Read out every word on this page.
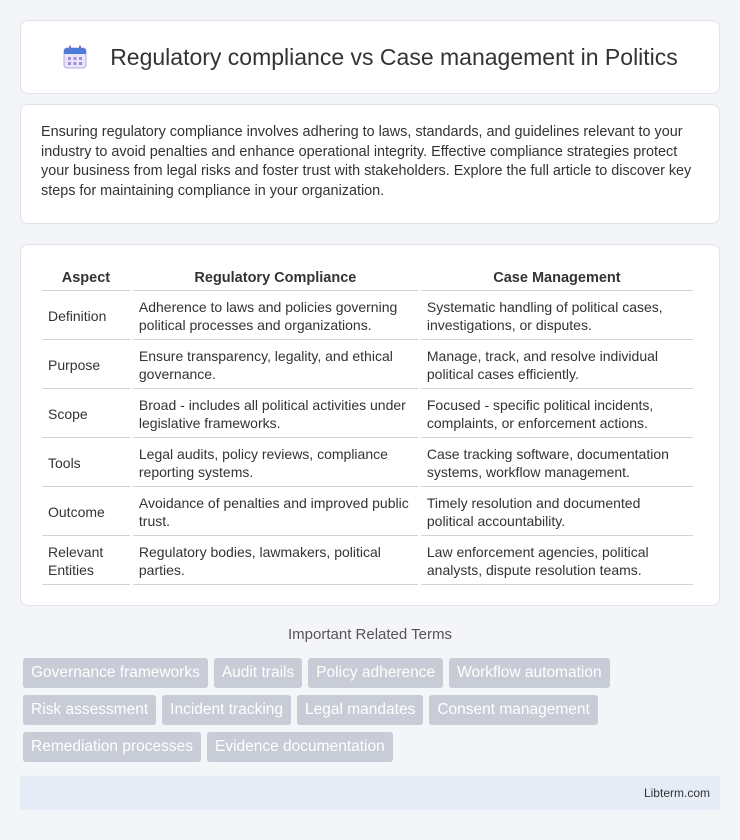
Regulatory compliance vs Case management in Politics

Ensuring regulatory compliance involves adhering to laws, standards, and guidelines relevant to your industry to avoid penalties and enhance operational integrity. Effective compliance strategies protect your business from legal risks and foster trust with stakeholders. Explore the full article to discover key steps for maintaining compliance in your organization.

Aspect	Regulatory Compliance	Case Management
Definition	Adherence to laws and policies governing political processes and organizations.	Systematic handling of political cases, investigations, or disputes.
Purpose	Ensure transparency, legality, and ethical governance.	Manage, track, and resolve individual political cases efficiently.
Scope	Broad - includes all political activities under legislative frameworks.	Focused - specific political incidents, complaints, or enforcement actions.
Tools	Legal audits, policy reviews, compliance reporting systems.	Case tracking software, documentation systems, workflow management.
Outcome	Avoidance of penalties and improved public trust.	Timely resolution and documented political accountability.
Relevant Entities	Regulatory bodies, lawmakers, political parties.	Law enforcement agencies, political analysts, dispute resolution teams.
Important Related Terms
Governance frameworks	Audit trails	Policy adherence	Workflow automation
Risk assessment	Incident tracking	Legal mandates	Consent management
Remediation processes	Evidence documentation
Libterm.com
